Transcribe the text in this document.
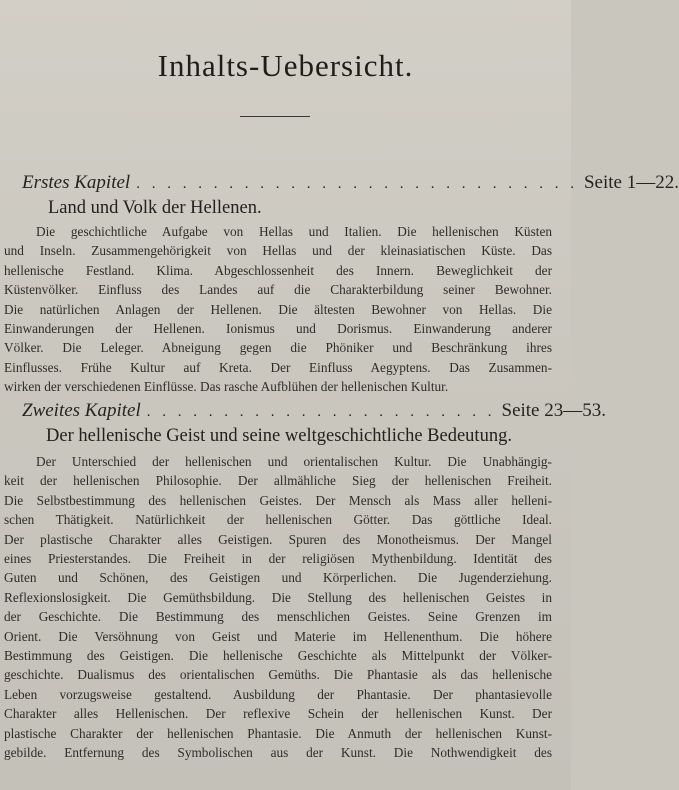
Inhalts-Uebersicht.
Erstes Kapitel . . . . . . . . . . . . . . . . . . . . . . . . . . . . . Seite 1—22.
Land und Volk der Hellenen.
Die geschichtliche Aufgabe von Hellas und Italien. Die hellenischen Küsten
und Inseln. Zusammengehörigkeit von Hellas und der kleinasiatischen Küste. Das
hellenische Festland. Klima. Abgeschlossenheit des Innern. Beweglichkeit der
Küstenvölker. Einfluss des Landes auf die Charakterbildung seiner Bewohner.
Die natürlichen Anlagen der Hellenen. Die ältesten Bewohner von Hellas. Die
Einwanderungen der Hellenen. Ionismus und Dorismus. Einwanderung anderer
Völker. Die Leleger. Abneigung gegen die Phöniker und Beschränkung ihres
Einflusses. Frühe Kultur auf Kreta. Der Einfluss Aegyptens. Das Zusammen-
wirken der verschiedenen Einflüsse. Das rasche Aufblühen der hellenischen Kultur.
Zweites Kapitel . . . . . . . . . . . . . . . . . . . . . . . Seite 23—53.
Der hellenische Geist und seine weltgeschichtliche Bedeutung.
Der Unterschied der hellenischen und orientalischen Kultur. Die Unabhängig-
keit der hellenischen Philosophie. Der allmähliche Sieg der hellenischen Freiheit.
Die Selbstbestimmung des hellenischen Geistes. Der Mensch als Mass aller helleni-
schen Thätigkeit. Natürlichkeit der hellenischen Götter. Das göttliche Ideal.
Der plastische Charakter alles Geistigen. Spuren des Monotheismus. Der Mangel
eines Priesterstandes. Die Freiheit in der religiösen Mythenbildung. Identität des
Guten und Schönen, des Geistigen und Körperlichen. Die Jugenderziehung.
Reflexionslosigkeit. Die Gemüthsbildung. Die Stellung des hellenischen Geistes in
der Geschichte. Die Bestimmung des menschlichen Geistes. Seine Grenzen im
Orient. Die Versöhnung von Geist und Materie im Hellenenthum. Die höhere
Bestimmung des Geistigen. Die hellenische Geschichte als Mittelpunkt der Völker-
geschichte. Dualismus des orientalischen Gemüths. Die Phantasie als das hellenische
Leben vorzugsweise gestaltend. Ausbildung der Phantasie. Der phantasievolle
Charakter alles Hellenischen. Der reflexive Schein der hellenischen Kunst. Der
plastische Charakter der hellenischen Phantasie. Die Anmuth der hellenischen Kunst-
gebilde. Entfernung des Symbolischen aus der Kunst. Die Nothwendigkeit des
